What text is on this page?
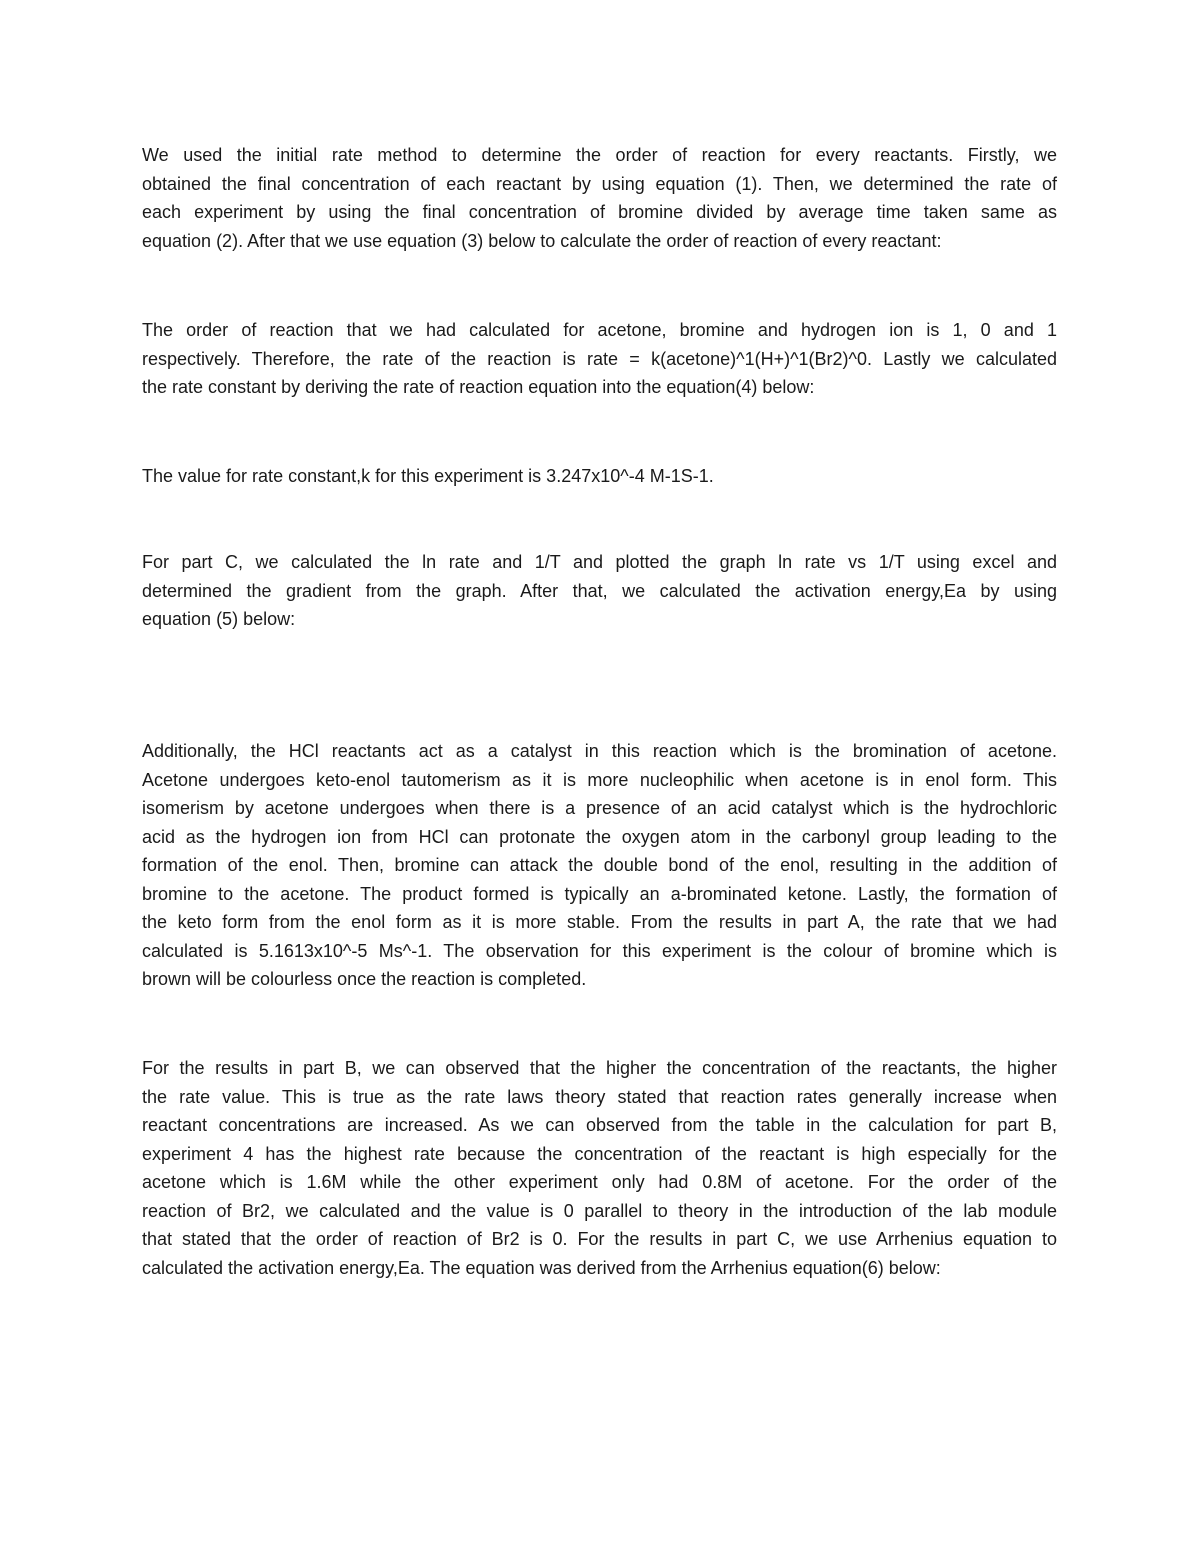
We used the initial rate method to determine the order of reaction for every reactants. Firstly, we
obtained the final concentration of each reactant by using equation (1). Then, we determined the rate of
each experiment by using the final concentration of bromine divided by average time taken same as
equation (2). After that we use equation (3) below to calculate the order of reaction of every reactant:
The order of reaction that we had calculated for acetone, bromine and hydrogen ion is 1, 0 and 1
respectively. Therefore, the rate of the reaction is rate = k(acetone)^1(H+)^1(Br2)^0. Lastly we calculated
the rate constant by deriving the rate of reaction equation into the equation(4) below:
The value for rate constant,k for this experiment is 3.247x10^-4 M-1S-1.
For part C, we calculated the ln rate and 1/T and plotted the graph ln rate vs 1/T using excel and
determined the gradient from the graph. After that, we calculated the activation energy,Ea by using
equation (5) below:
Additionally, the HCl reactants act as a catalyst in this reaction which is the bromination of acetone.
Acetone undergoes keto-enol tautomerism as it is more nucleophilic when acetone is in enol form. This
isomerism by acetone undergoes when there is a presence of an acid catalyst which is the hydrochloric
acid as the hydrogen ion from HCl can protonate the oxygen atom in the carbonyl group leading to the
formation of the enol. Then, bromine can attack the double bond of the enol, resulting in the addition of
bromine to the acetone. The product formed is typically an a-brominated ketone. Lastly, the formation of
the keto form from the enol form as it is more stable. From the results in part A, the rate that we had
calculated is 5.1613x10^-5 Ms^-1. The observation for this experiment is the colour of bromine which is
brown will be colourless once the reaction is completed.
For the results in part B, we can observed that the higher the concentration of the reactants, the higher
the rate value. This is true as the rate laws theory stated that reaction rates generally increase when
reactant concentrations are increased. As we can observed from the table in the calculation for part B,
experiment 4 has the highest rate because the concentration of the reactant is high especially for the
acetone which is 1.6M while the other experiment only had 0.8M of acetone. For the order of the
reaction of Br2, we calculated and the value is 0 parallel to theory in the introduction of the lab module
that stated that the order of reaction of Br2 is 0. For the results in part C, we use Arrhenius equation to
calculated the activation energy,Ea. The equation was derived from the Arrhenius equation(6) below:
